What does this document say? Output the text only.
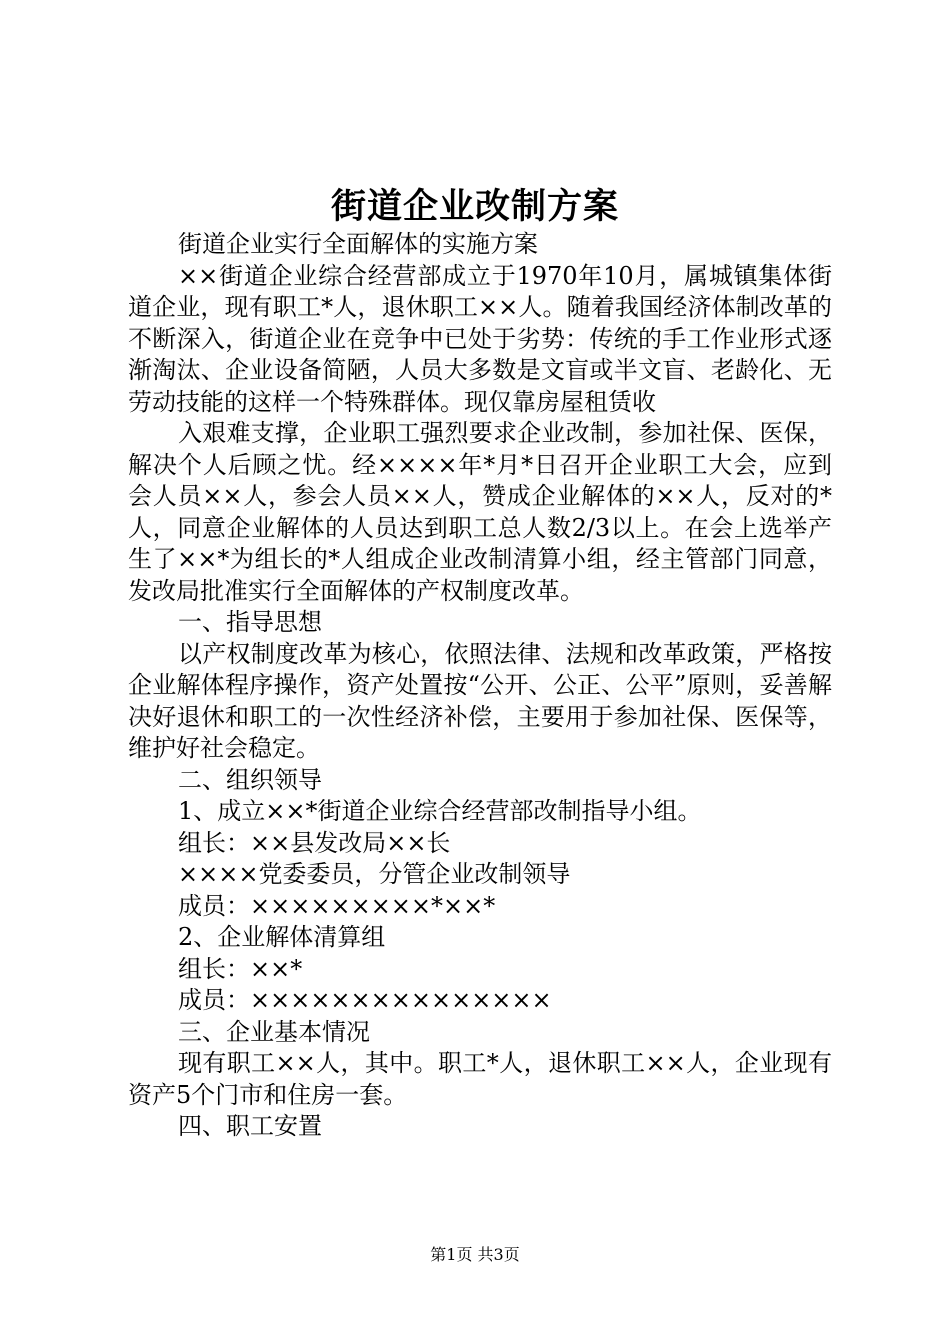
街道企业改制方案

街道企业实行全面解体的实施方案

××街道企业综合经营部成立于1970年10月，属城镇集体街道企业，现有职工*人，退休职工××人。随着我国经济体制改革的不断深入，街道企业在竞争中已处于劣势：传统的手工作业形式逐渐淘汰、企业设备简陋，人员大多数是文盲或半文盲、老龄化、无劳动技能的这样一个特殊群体。现仅靠房屋租赁收

入艰难支撑，企业职工强烈要求企业改制，参加社保、医保，解决个人后顾之忧。经××××年*月*日召开企业职工大会，应到会人员××人，参会人员××人，赞成企业解体的××人，反对的*人，同意企业解体的人员达到职工总人数2/3以上。在会上选举产生了××*为组长的*人组成企业改制清算小组，经主管部门同意，发改局批准实行全面解体的产权制度改革。

一、指导思想

以产权制度改革为核心，依照法律、法规和改革政策，严格按企业解体程序操作，资产处置按“公开、公正、公平”原则，妥善解决好退休和职工的一次性经济补偿，主要用于参加社保、医保等，维护好社会稳定。

二、组织领导

1、成立××*街道企业综合经营部改制指导小组。

组长：××县发改局××长

××××党委委员，分管企业改制领导

成员：×××××××××*××*

2、企业解体清算组

组长：××*

成员：×××××××××××××××

三、企业基本情况

现有职工××人，其中。职工*人，退休职工××人，企业现有资产5个门市和住房一套。

四、职工安置

第1页 共3页
